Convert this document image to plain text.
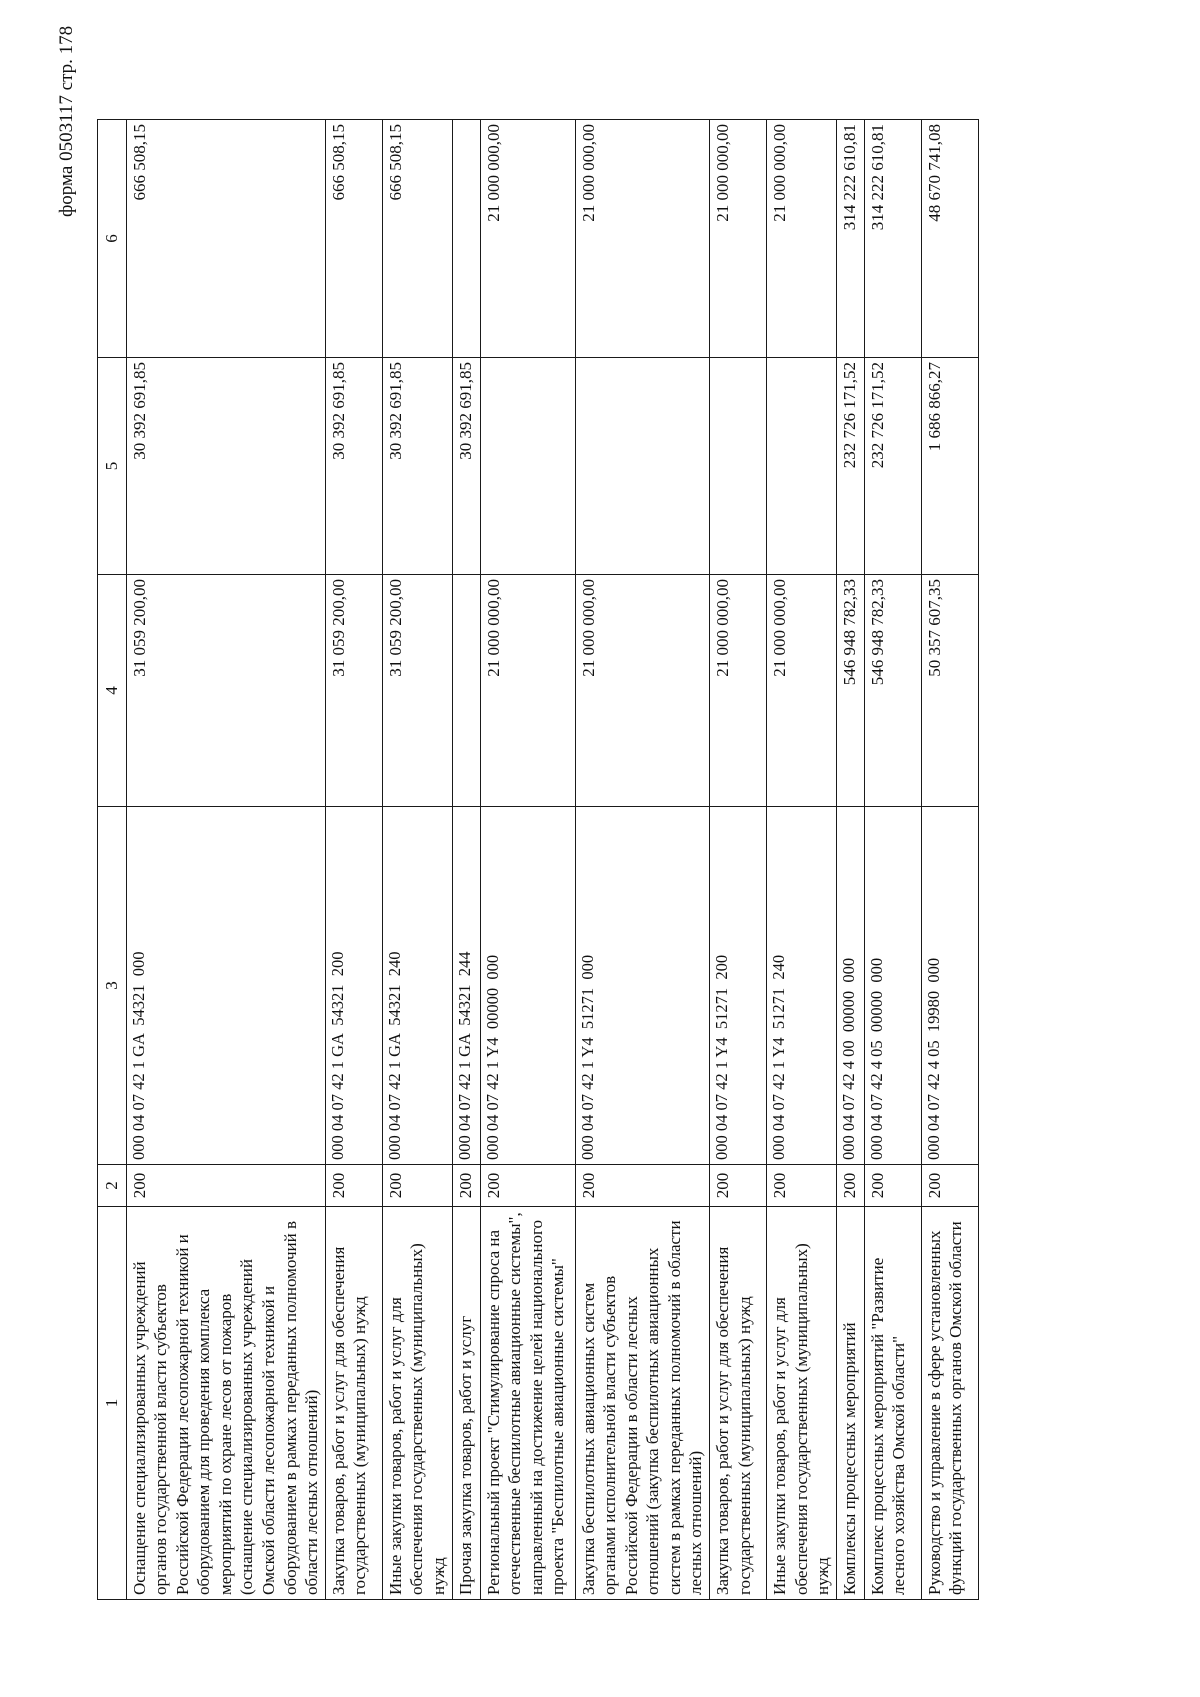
форма 0503117 стр. 178
1	2	3	4	5	6
Оснащение специализированных учреждений органов государственной власти субъектов Российской Федерации лесопожарной техникой и оборудованием для проведения комплекса мероприятий по охране лесов от пожаров (оснащение специализированных учреждений Омской области лесопожарной техникой и оборудованием в рамках переданных полномочий в области лесных отношений)	200	000 04 07 42 1 GA  54321  000	31 059 200,00	30 392 691,85	666 508,15
Закупка товаров, работ и услуг для обеспечения государственных (муниципальных) нужд	200	000 04 07 42 1 GA  54321  200	31 059 200,00	30 392 691,85	666 508,15
Иные закупки товаров, работ и услуг для обеспечения государственных (муниципальных) нужд	200	000 04 07 42 1 GA  54321  240	31 059 200,00	30 392 691,85	666 508,15
Прочая закупка товаров, работ и услуг	200	000 04 07 42 1 GA  54321  244		30 392 691,85	
Региональный проект "Стимулирование спроса на отечественные беспилотные авиационные системы", направленный на достижение целей национального проекта "Беспилотные авиационные системы"	200	000 04 07 42 1 Y4  00000  000	21 000 000,00		21 000 000,00
Закупка беспилотных авиационных систем органами исполнительной власти субъектов Российской Федерации в области лесных отношений (закупка беспилотных авиационных систем в рамках переданных полномочий в области лесных отношений)	200	000 04 07 42 1 Y4  51271  000	21 000 000,00		21 000 000,00
Закупка товаров, работ и услуг для обеспечения государственных (муниципальных) нужд	200	000 04 07 42 1 Y4  51271  200	21 000 000,00		21 000 000,00
Иные закупки товаров, работ и услуг для обеспечения государственных (муниципальных) нужд	200	000 04 07 42 1 Y4  51271  240	21 000 000,00		21 000 000,00
Комплексы процессных мероприятий	200	000 04 07 42 4 00  00000  000	546 948 782,33	232 726 171,52	314 222 610,81
Комплекс процессных мероприятий "Развитие лесного хозяйства Омской области"	200	000 04 07 42 4 05  00000  000	546 948 782,33	232 726 171,52	314 222 610,81
Руководство и управление в сфере установленных функций государственных органов Омской области	200	000 04 07 42 4 05  19980  000	50 357 607,35	1 686 866,27	48 670 741,08
